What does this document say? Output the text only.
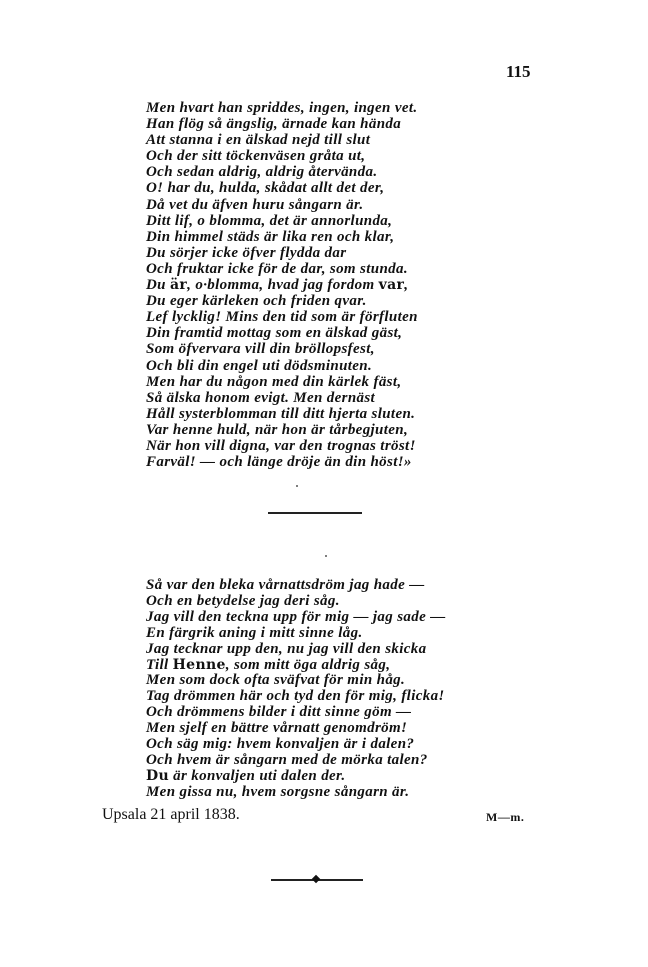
115
Men hvart han spriddes, ingen, ingen vet.
Han flög så ängslig, ärnade kan hända
Att stanna i en älskad nejd till slut
Och der sitt töckenväsen gråta ut,
Och sedan aldrig, aldrig återvända.
O! har du, hulda, skådat allt det der,
Då vet du äfven huru sångarn är.
Ditt lif, o blomma, det är annorlunda,
Din himmel städs är lika ren och klar,
Du sörjer icke öfver flydda dar
Och fruktar icke för de dar, som stunda.
Du är, o·blomma, hvad jag fordom var,
Du eger kärleken och friden qvar.
Lef lycklig! Mins den tid som är förfluten
Din framtid mottag som en älskad gäst,
Som öfvervara vill din bröllopsfest,
Och bli din engel uti dödsminuten.
Men har du någon med din kärlek fäst,
Så älska honom evigt. Men dernäst
Håll systerblomman till ditt hjerta sluten.
Var henne huld, när hon är tårbegjuten,
När hon vill digna, var den trognas tröst!
Farväl! — och länge dröje än din höst!»
Så var den bleka vårnattsdröm jag hade —
Och en betydelse jag deri såg.
Jag vill den teckna upp för mig — jag sade —
En färgrik aning i mitt sinne låg.
Jag tecknar upp den, nu jag vill den skicka
Till Henne, som mitt öga aldrig såg,
Men som dock ofta sväfvat för min håg.
Tag drömmen här och tyd den för mig, flicka!
Och drömmens bilder i ditt sinne göm —
Men sjelf en bättre vårnatt genomdröm!
Och säg mig: hvem konvaljen är i dalen?
Och hvem är sångarn med de mörka talen?
Du är konvaljen uti dalen der.
Men gissa nu, hvem sorgsne sångarn är.
Upsala 21 april 1838.	M—m.
